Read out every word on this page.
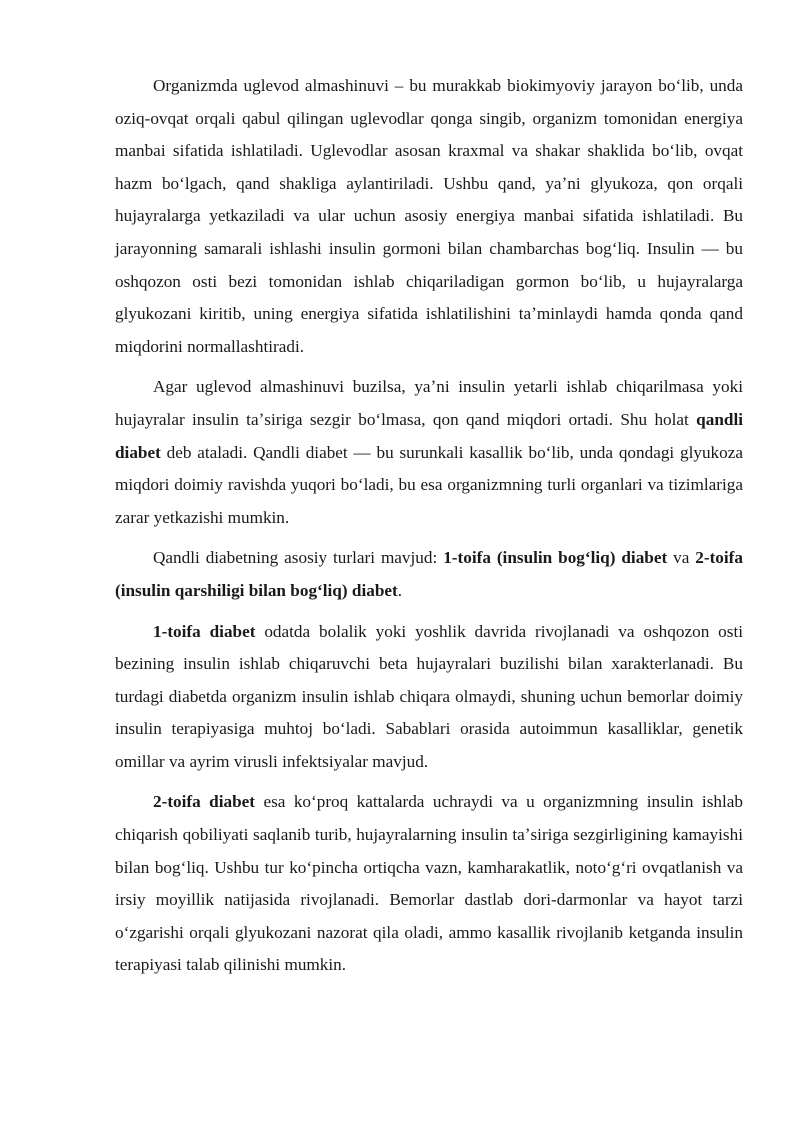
Organizmda uglevod almashinuvi – bu murakkab biokimyoviy jarayon boʻlib, unda oziq-ovqat orqali qabul qilingan uglevodlar qonga singib, organizm tomonidan energiya manbai sifatida ishlatiladi. Uglevodlar asosan kraxmal va shakar shaklida boʻlib, ovqat hazm boʻlgach, qand shakliga aylantiriladi. Ushbu qand, yaʼni glyukoza, qon orqali hujayralarga yetkaziladi va ular uchun asosiy energiya manbai sifatida ishlatiladi. Bu jarayonning samarali ishlashi insulin gormoni bilan chambarchas bogʻliq. Insulin — bu oshqozon osti bezi tomonidan ishlab chiqariladigan gormon boʻlib, u hujayralarga glyukozani kiritib, uning energiya sifatida ishlatilishini taʼminlaydi hamda qonda qand miqdorini normallashtiradi.

Agar uglevod almashinuvi buzilsa, yaʼni insulin yetarli ishlab chiqarilmasa yoki hujayralar insulin taʼsiriga sezgir boʻlmasa, qon qand miqdori ortadi. Shu holat qandli diabet deb ataladi. Qandli diabet — bu surunkali kasallik boʻlib, unda qondagi glyukoza miqdori doimiy ravishda yuqori boʻladi, bu esa organizmning turli organlari va tizimlariga zarar yetkazishi mumkin.

Qandli diabetning asosiy turlari mavjud: 1-toifa (insulin bogʻliq) diabet va 2-toifa (insulin qarshiligi bilan bogʻliq) diabet.

1-toifa diabet odatda bolalik yoki yoshlik davrida rivojlanadi va oshqozon osti bezining insulin ishlab chiqaruvchi beta hujayralari buzilishi bilan xarakterlanadi. Bu turdagi diabetda organizm insulin ishlab chiqara olmaydi, shuning uchun bemorlar doimiy insulin terapiyasiga muhtoj boʻladi. Sabablari orasida autoimmun kasalliklar, genetik omillar va ayrim virusli infektsiyalar mavjud.

2-toifa diabet esa koʻproq kattalarda uchraydi va u organizmning insulin ishlab chiqarish qobiliyati saqlanib turib, hujayralarning insulin taʼsiriga sezgirligining kamayishi bilan bogʻliq. Ushbu tur koʻpincha ortiqcha vazn, kamharakatlik, notoʻgʻri ovqatlanish va irsiy moyillik natijasida rivojlanadi. Bemorlar dastlab dori-darmonlar va hayot tarzi oʻzgarishi orqali glyukozani nazorat qila oladi, ammo kasallik rivojlanib ketganda insulin terapiyasi talab qilinishi mumkin.
